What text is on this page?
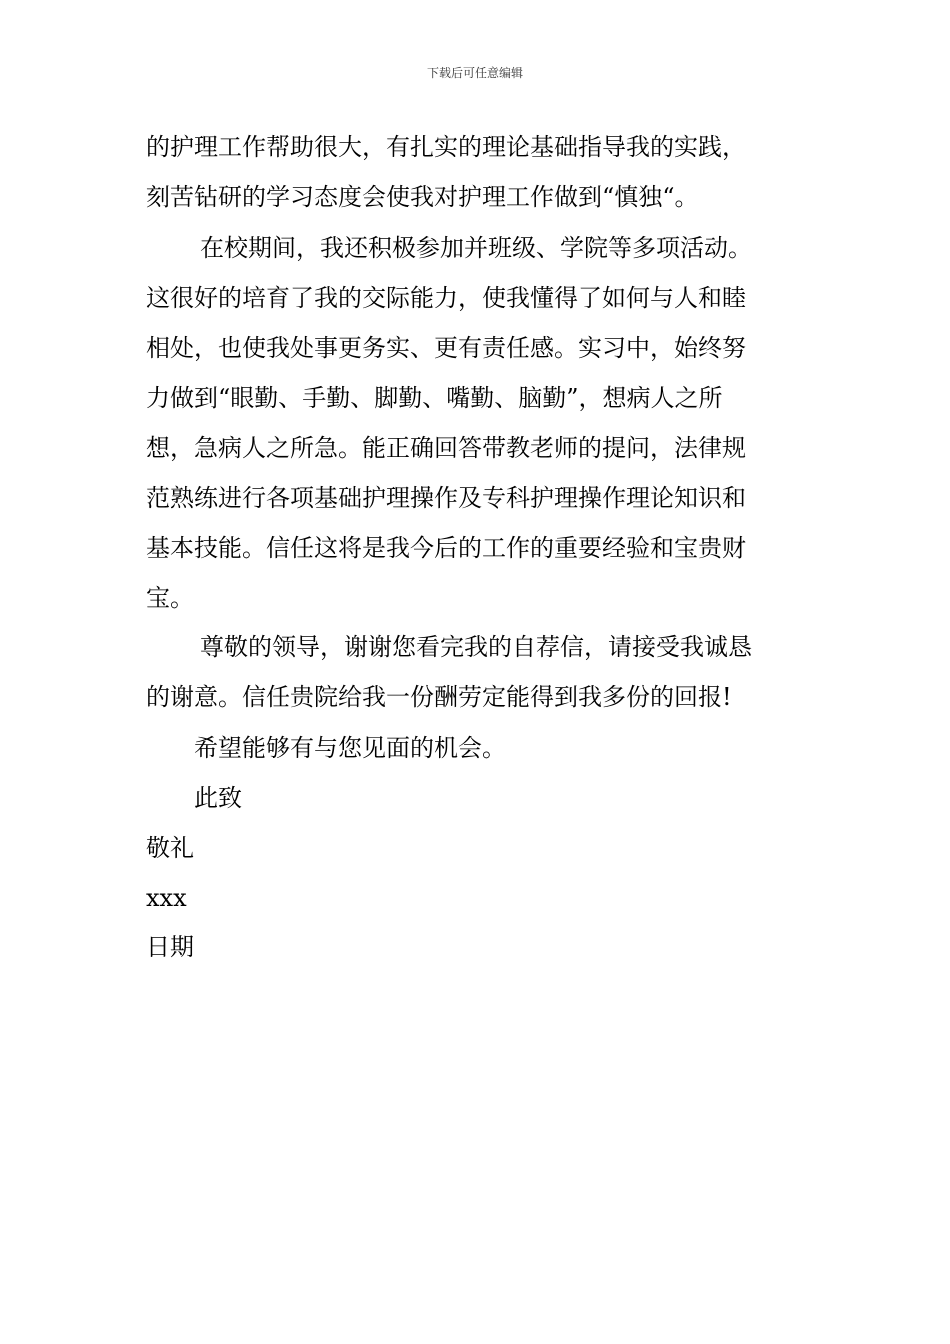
下载后可任意编辑
的护理工作帮助很大，有扎实的理论基础指导我的实践，
刻苦钻研的学习态度会使我对护理工作做到“慎独“。
在校期间，我还积极参加并班级、学院等多项活动。
这很好的培育了我的交际能力，使我懂得了如何与人和睦
相处，也使我处事更务实、更有责任感。实习中，始终努
力做到“眼勤、手勤、脚勤、嘴勤、脑勤”，想病人之所
想，急病人之所急。能正确回答带教老师的提问，法律规
范熟练进行各项基础护理操作及专科护理操作理论知识和
基本技能。信任这将是我今后的工作的重要经验和宝贵财
宝。
尊敬的领导，谢谢您看完我的自荐信，请接受我诚恳
的谢意。信任贵院给我一份酬劳定能得到我多份的回报!
希望能够有与您见面的机会。
此致
敬礼
xxx
日期
